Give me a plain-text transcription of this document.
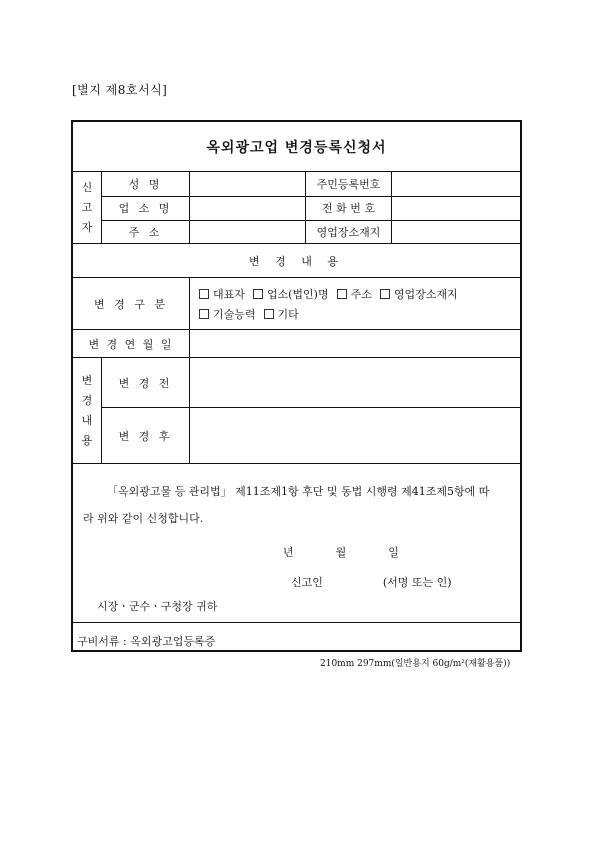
[별지 제8호서식]
옥외광고업 변경등록신청서
신
고
자
성 명	주민등록번호
업 소 명	전 화 번 호
주 소	영업장소재지
변 경 내 용
변 경 구 분
대표자 업소(법인)명 주소 영업장소재지
기술능력 기타
변 경 연 월 일
변
경
내
용
변 경 전
변 경 후
「옥외광고물 등 관리법」 제11조제1항 후단 및 동법 시행령 제41조제5항에 따
라 위와 같이 신청합니다.
년	월	일
신고인	(서명 또는 인)
시장ㆍ군수ㆍ구청장 귀하
구비서류 : 옥외광고업등록증
210mm 297mm(일반용지 60g/m²(재활용품))
